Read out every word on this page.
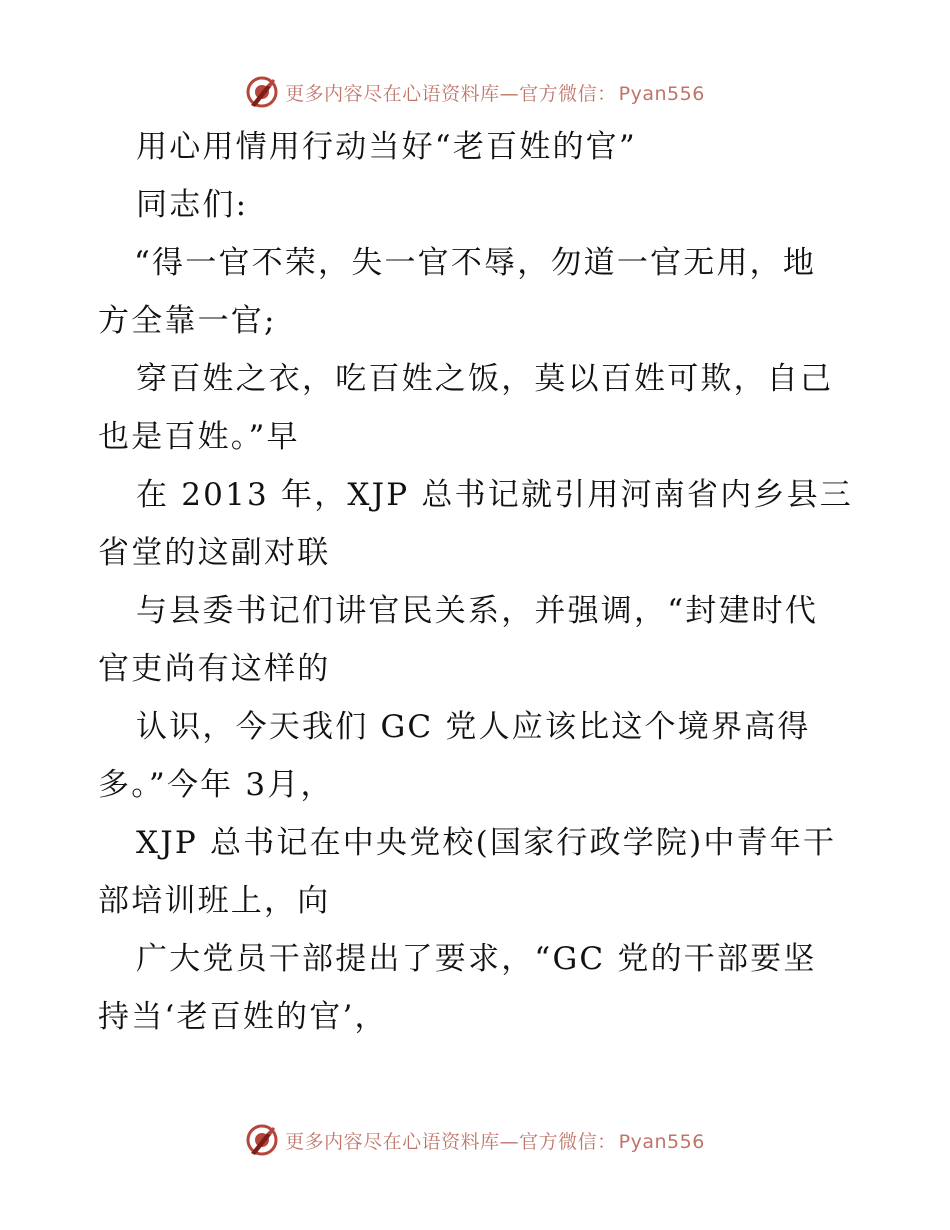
更多内容尽在心语资料库—官方微信： Pyan556
用心用情用行动当好“老百姓的官”
同志们:
“得一官不荣，失一官不辱，勿道一官无用，地
方全靠一官;
穿百姓之衣，吃百姓之饭，莫以百姓可欺，自己
也是百姓。”早
在 2013 年，XJP 总书记就引用河南省内乡县三
省堂的这副对联
与县委书记们讲官民关系，并强调，“封建时代
官吏尚有这样的
认识，今天我们 GC 党人应该比这个境界高得
多。”今年 3月，
XJP 总书记在中央党校(国家行政学院)中青年干
部培训班上，向
广大党员干部提出了要求，“GC 党的干部要坚
持当‘老百姓的官’，
更多内容尽在心语资料库—官方微信： Pyan556
